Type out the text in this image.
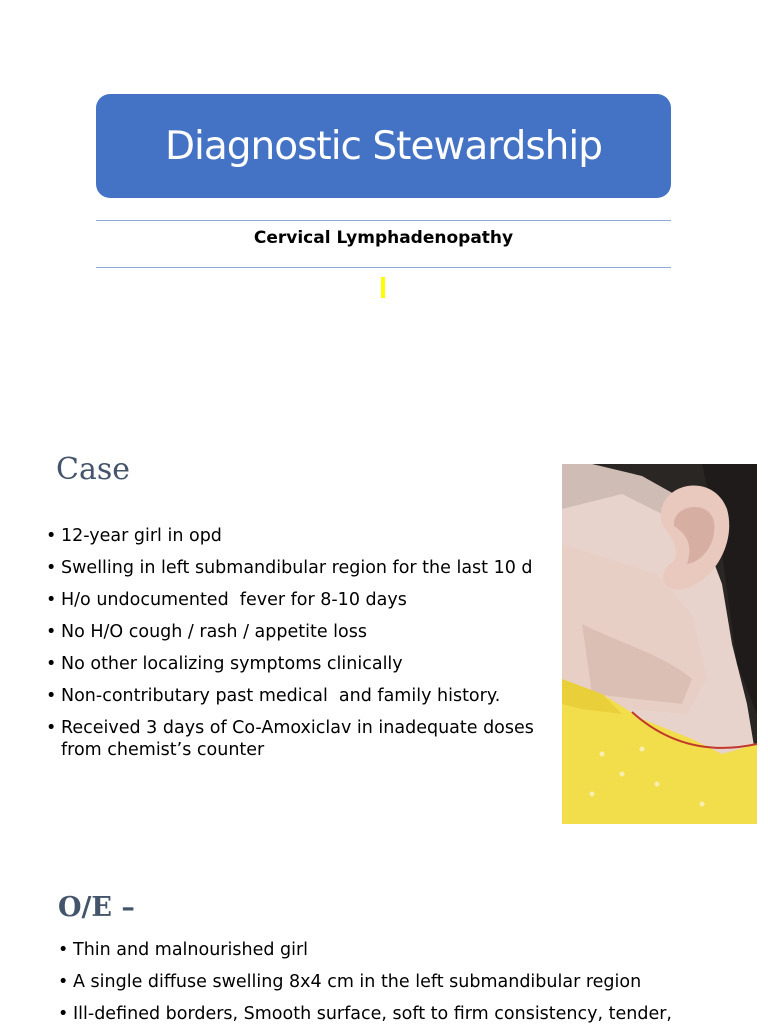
Diagnostic Stewardship
Cervical Lymphadenopathy
Case
• 12-year girl in opd
• Swelling in left submandibular region for the last 10 d
• H/o undocumented  fever for 8-10 days
• No H/O cough / rash / appetite loss
• No other localizing symptoms clinically
• Non-contributary past medical  and family history.
• Received 3 days of Co-Amoxiclav in inadequate doses
from chemist’s counter
O/E –
• Thin and malnourished girl
• A single diffuse swelling 8x4 cm in the left submandibular region
• Ill-defined borders, Smooth surface, soft to firm consistency, tender,
